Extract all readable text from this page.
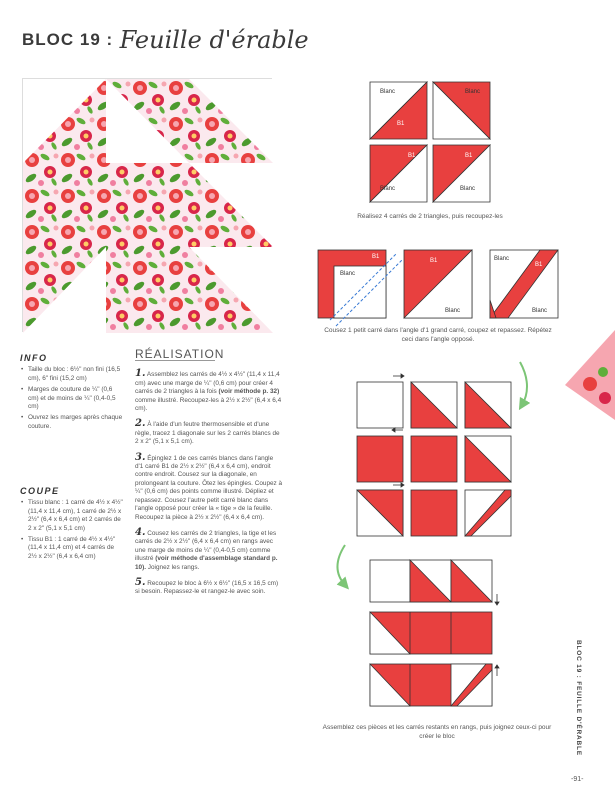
BLOC 19 : Feuille d'érable
INFO
• Taille du bloc : 6½" non fini (16,5 cm), 6" fini (15,2 cm)
• Marges de couture de ¼" (0,6 cm) et de moins de ¼" (0,4-0,5 cm)
• Ouvrez les marges après chaque couture.
COUPE
• Tissu blanc : 1 carré de 4½ x 4½" (11,4 x 11,4 cm), 1 carré de 2½ x 2½" (6,4 x 6,4 cm) et 2 carrés de 2 x 2" (5,1 x 5,1 cm)
• Tissu B1 : 1 carré de 4½ x 4½" (11,4 x 11,4 cm) et 4 carrés de 2½ x 2½" (6,4 x 6,4 cm)
RÉALISATION
1. Assemblez les carrés de 4½ x 4½" (11,4 x 11,4 cm) avec une marge de ¼" (0,6 cm) pour créer 4 carrés de 2 triangles à la fois (voir méthode p. 32) comme illustré. Recoupez-les à 2½ x 2½" (6,4 x 6,4 cm).
2. À l'aide d'un feutre thermosensible et d'une règle, tracez 1 diagonale sur les 2 carrés blancs de 2 x 2" (5,1 x 5,1 cm).
3. Épinglez 1 de ces carrés blancs dans l'angle d'1 carré B1 de 2½ x 2½" (6,4 x 6,4 cm), endroit contre endroit. Cousez sur la diagonale, en prolongeant la couture. Ôtez les épingles. Coupez à ¼" (0,6 cm) des points comme illustré. Dépliez et repassez. Cousez l'autre petit carré blanc dans l'angle opposé pour créer la « tige » de la feuille. Recoupez la pièce à 2½ x 2½" (6,4 x 6,4 cm).
4. Cousez les carrés de 2 triangles, la tige et les carrés de 2½ x 2½" (6,4 x 6,4 cm) en rangs avec une marge de moins de ¼" (0,4-0,5 cm) comme illustré (voir méthode d'assemblage standard p. 10). Joignez les rangs.
5. Recoupez le bloc à 6½ x 6½" (16,5 x 16,5 cm) si besoin. Repassez-le et rangez-le avec soin.
Blanc
B1
Blanc
B1
B1
Blanc
B1
Blanc
Blanc
B1
B1
Blanc
Blanc
B1
Blanc
Réalisez 4 carrés de 2 triangles, puis recoupez-les
Cousez 1 petit carré dans l'angle d'1 grand carré, coupez et repassez. Répétez ceci dans l'angle opposé.
Assemblez ces pièces et les carrés restants en rangs, puis joignez ceux-ci pour créer le bloc	BLOC 19 : FEUILLE D'ÉRABLE
-91-
